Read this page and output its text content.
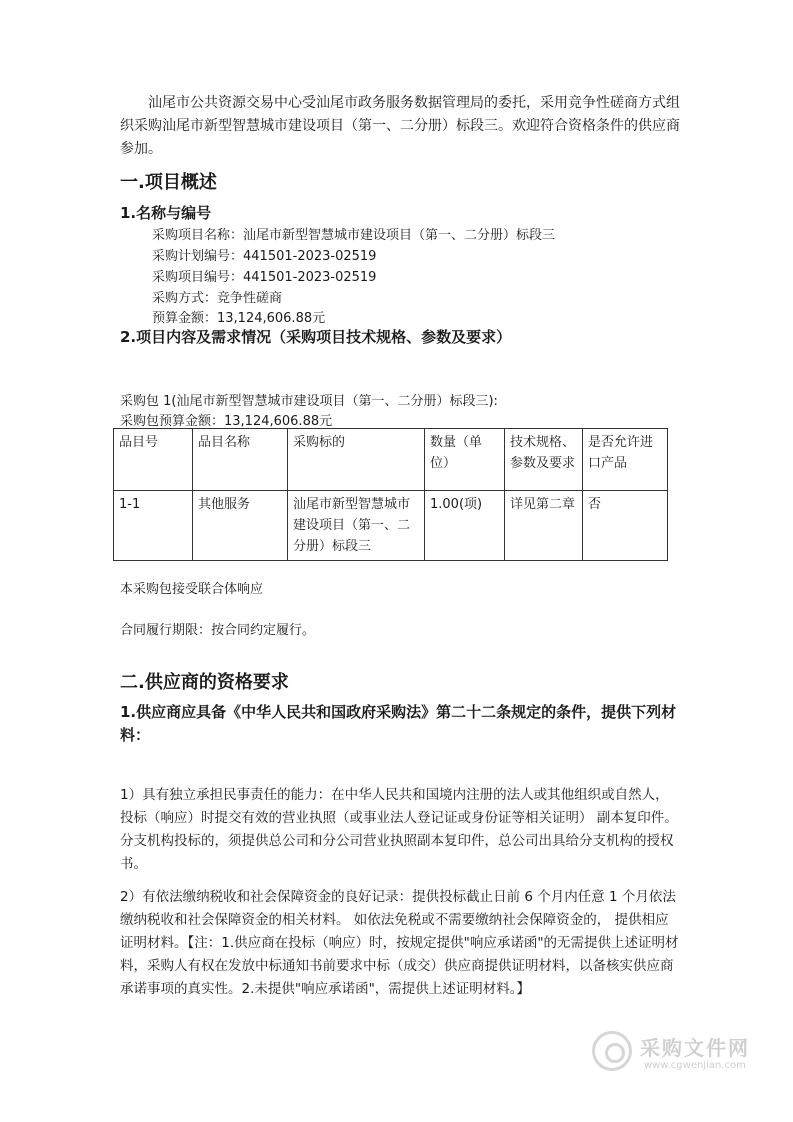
汕尾市公共资源交易中心受汕尾市政务服务数据管理局的委托，采用竞争性磋商方式组织采购汕尾市新型智慧城市建设项目（第一、二分册）标段三。欢迎符合资格条件的供应商参加。

一.项目概述
1.名称与编号
采购项目名称：汕尾市新型智慧城市建设项目（第一、二分册）标段三
采购计划编号：441501-2023-02519
采购项目编号：441501-2023-02519
采购方式：竞争性磋商
预算金额：13,124,606.88元
2.项目内容及需求情况（采购项目技术规格、参数及要求）
采购包 1(汕尾市新型智慧城市建设项目（第一、二分册）标段三):
采购包预算金额：13,124,606.88元
品目号	品目名称	采购标的	数量（单位）	技术规格、参数及要求	是否允许进口产品
1-1	其他服务	汕尾市新型智慧城市建设项目（第一、二分册）标段三	1.00(项)	详见第二章	否
本采购包接受联合体响应
合同履行期限：按合同约定履行。
二.供应商的资格要求
1.供应商应具备《中华人民共和国政府采购法》第二十二条规定的条件，提供下列材料：

1）具有独立承担民事责任的能力：在中华人民共和国境内注册的法人或其他组织或自然人，投标（响应）时提交有效的营业执照（或事业法人登记证或身份证等相关证明） 副本复印件。分支机构投标的，须提供总公司和分公司营业执照副本复印件，总公司出具给分支机构的授权书。

2）有依法缴纳税收和社会保障资金的良好记录：提供投标截止日前 6 个月内任意 1 个月依法缴纳税收和社会保障资金的相关材料。 如依法免税或不需要缴纳社会保障资金的， 提供相应证明材料。【注：1.供应商在投标（响应）时，按规定提供"响应承诺函"的无需提供上述证明材料，采购人有权在发放中标通知书前要求中标（成交）供应商提供证明材料，以备核实供应商承诺事项的真实性。2.未提供"响应承诺函"，需提供上述证明材料。】

采购文件网
www.cgwenjian.com
